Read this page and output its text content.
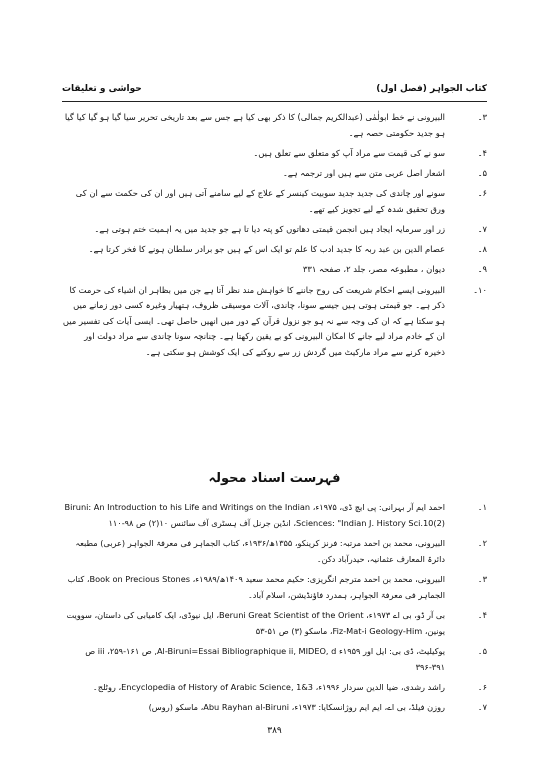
کتاب الجواہر (فصل اول)
حواشی و تعلیقات
۳۔
البیرونی نے خط ابولٰمٰی (عبدالکریم جمالی) کا ذکر بھی کیا ہے جس سے بعد تاریخی تحریر سیا گیا ہو گیا کیا گیا ہو جدید حکومتی حصہ ہے۔
۴۔
سو نے کی قیمت سے مراد آپ کو متعلق سے تعلق ہیں۔
۵۔
اشعار اصل عربی متن سے ہیں اور ترجمہ ہے۔
۶۔
سونے اور چاندی کی جدید جدید سوبیت کینسر کے علاج کے لیے سامنے آتی ہیں اور ان کی حکمت سے ان کی ورق تحقیق شدہ کے لیے تجویز کیے تھے۔
۷۔
زر اور سرمایہ ایجاد ہیں انجمن قیمتی دھاتوں کو پتہ دیا تا ہے جو جدید میں یہ اہمیت ختم ہوتی ہے۔
۸۔
عصام الدین بن عبد ربہ کا جدید ادب کا علم تو ایک اس کے ہیں جو برادر سلطان ہونے کا فخر کرتا ہے۔
۹۔
دیوان ، مطبوعہ مصر، جلد ۲، صفحہ ۳۳۱
۱۰۔
البیرونی ایسے احکام شریعت کی روح جاننے کا خواہش مند نظر آتا ہے جن میں بظاہر ان اشیاء کی حرمت کا ذکر ہے۔ جو قیمتی ہوتی ہیں جیسے سونا، چاندی، آلات موسیقی ظروف، ہتھیار وغیرہ کسی دور زمانے میں ہو سکتا ہے کہ ان کی وجہ سے نہ ہو جو نزول قرآن کے دور میں انھیں حاصل تھی۔ ایسی آیات کی تفسیر میں ان کے خادم مراد لیے جانے کا امکان البیرونی کو بے یقین رکھتا ہے۔ چنانچہ سونا چاندی سے مراد دولت اور ذخیرہ کرنے سے مراد مارکیٹ میں گردش زر سے روکنے کی ایک کوشش ہو سکتی ہے۔
فہرست اسناد محولہ
۱۔
احمد ایم آر بہرانی: پی ایچ ڈی، ۱۹۷۵ء، Biruni: An Introduction to his Life and Writings on the Indian Sciences: "Indian J. History Sci.10(2)، انڈین جرنل آف ہسٹری آف سائنس ۱۰(۲) ص ۹۸-۱۱۰
۲۔
البیرونی، محمد بن احمد مرتبہ: فرنز کرینکو، ۱۳۵۵ھ/۱۹۳۶ء، کتاب الجماہر فی معرفۃ الجواہر (عربی) مطبعہ دائرۃ المعارف عثمانیہ، حیدرآباد دکن۔
۳۔
البیرونی، محمد بن احمد مترجم انگریزی: حکیم محمد سعید ۱۴۰۹ھ/۱۹۸۹ء، Book on Precious Stones، کتاب الجماہر فی معرفۃ الجواہر، ہمدرد فاؤنڈیشن، اسلام آباد۔
۴۔
بی آر ڈو، بی اے ۱۹۷۳ء، Beruni Great Scientist of the Orient، ایل نیوڈی، ایک کامیابی کی داستان، سوویت یونین، Fiz-Mat-i Geology-Him، ماسکو (۳) ص ۵۱-۵۳
۵۔
یوکیلیٹ، ڈی بی: ایل اور ۱۹۵۹ء Al-Biruni=Essai Bibliographique ii, MIDEO, d, ص ۱۶۱-۲۵۹، iii ص ۳۹۱-۳۹۶
۶۔
راشد رشدی، ضیا الدین سردار ۱۹۹۶ء، Encyclopedia of History of Arabic Science, 1&3، روٹلج۔
۷۔
روزن فیلڈ، بی اے، ایم ایم روژانسکایا: ۱۹۷۳ء، Abu Rayhan al-Biruni، ماسکو (روس)
۳۸۹
